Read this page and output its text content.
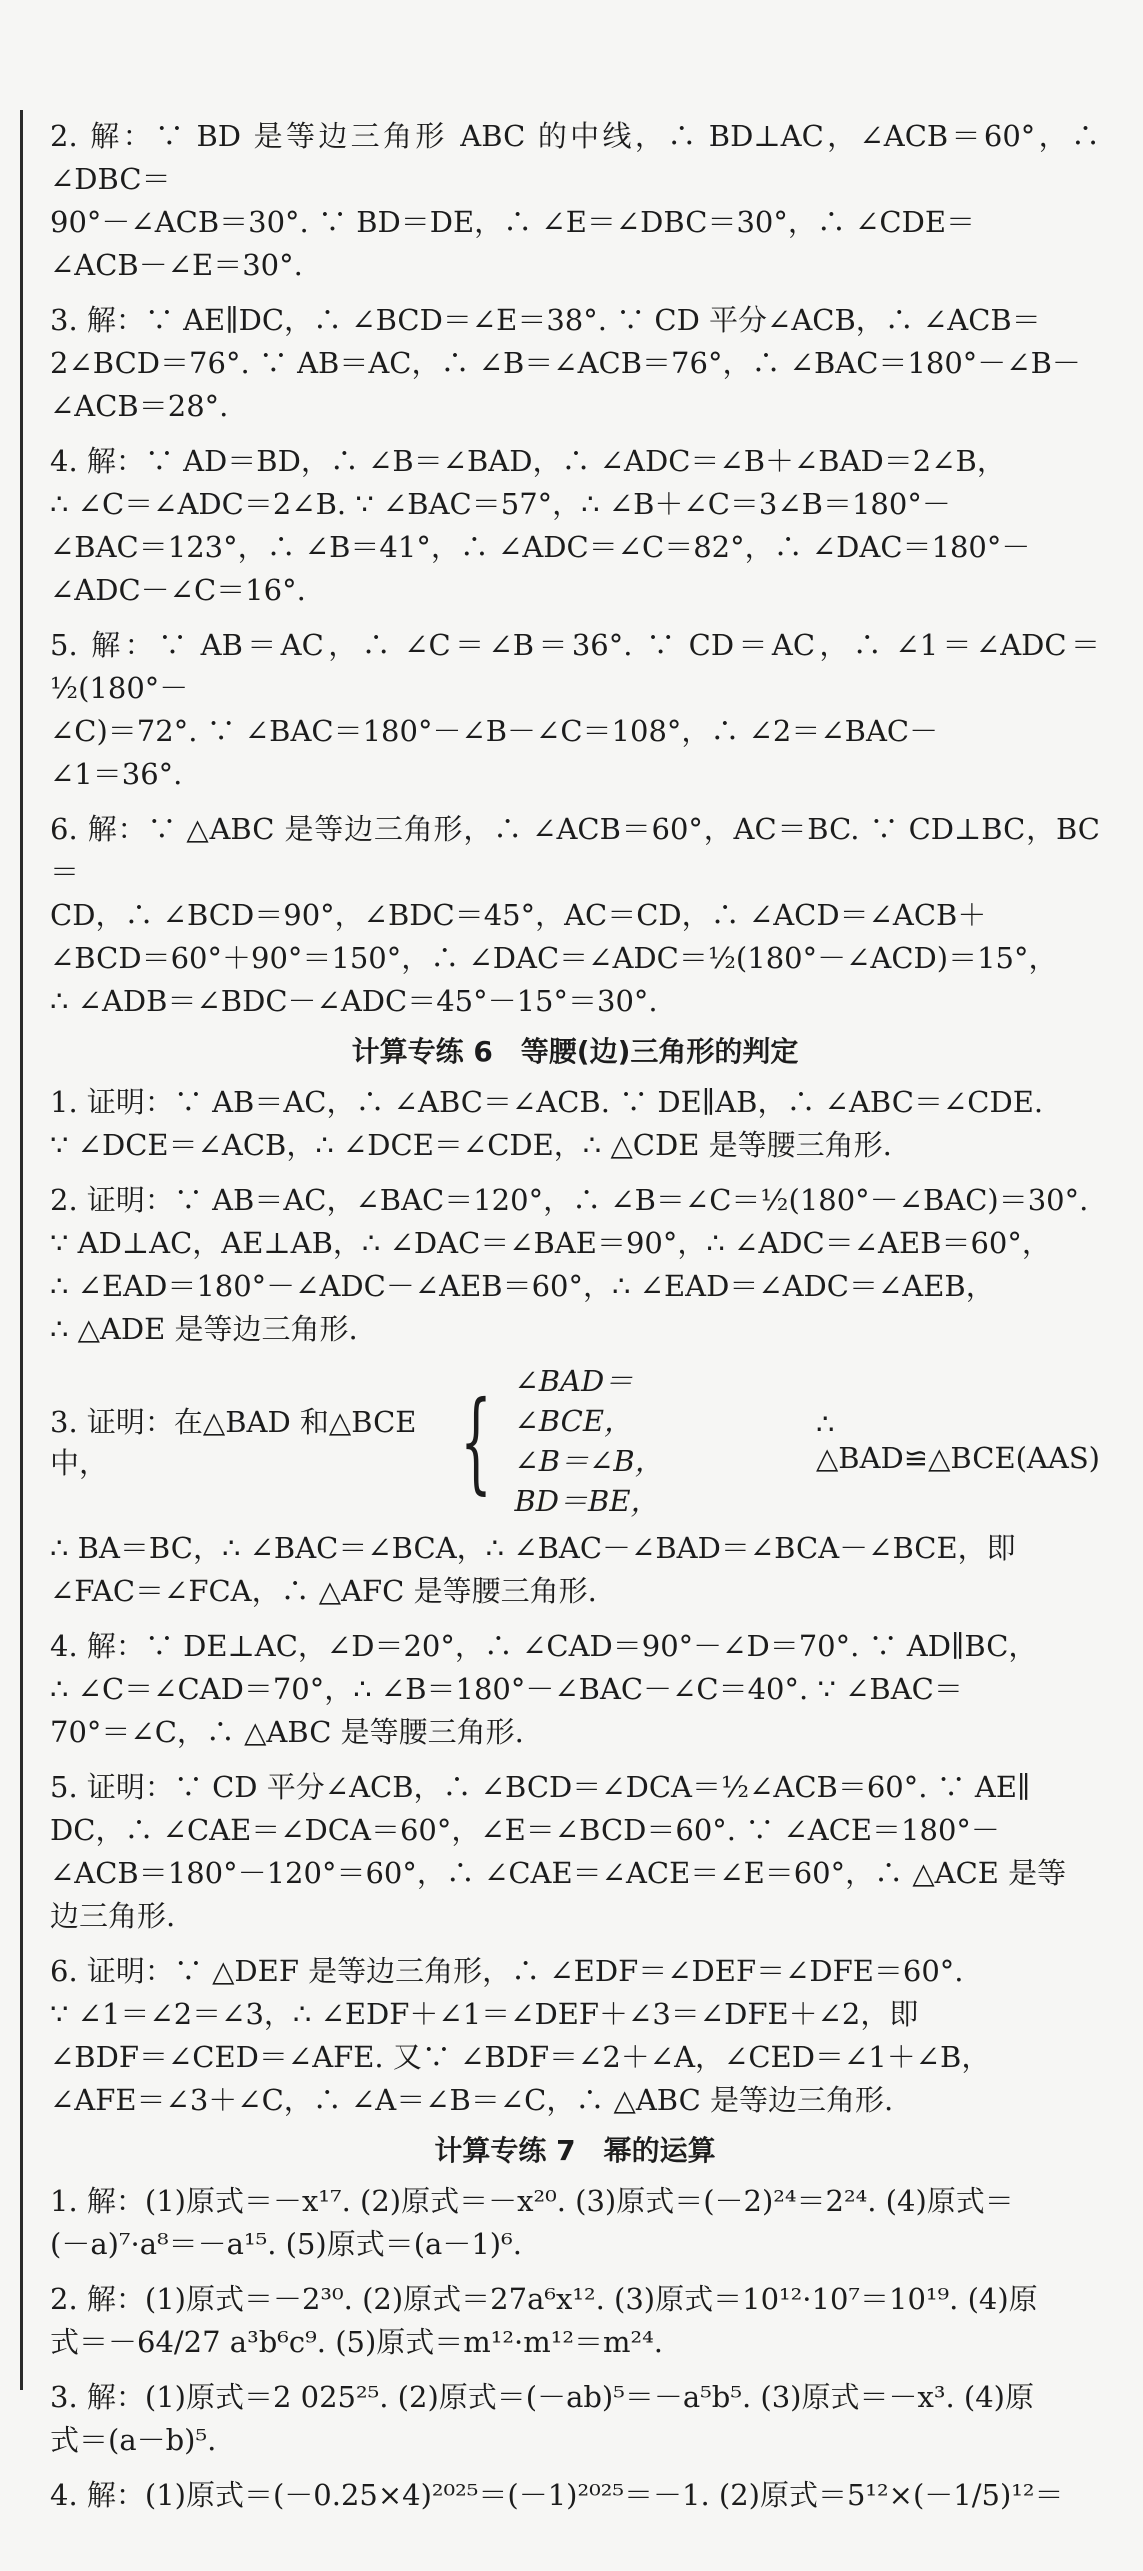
2. 解：∵ BD 是等边三角形 ABC 的中线，∴ BD⊥AC，∠ACB＝60°，∴ ∠DBC＝

90°－∠ACB＝30°. ∵ BD＝DE，∴ ∠E＝∠DBC＝30°，∴ ∠CDE＝

∠ACB－∠E＝30°.

3. 解：∵ AE∥DC，∴ ∠BCD＝∠E＝38°. ∵ CD 平分∠ACB，∴ ∠ACB＝

2∠BCD＝76°. ∵ AB＝AC，∴ ∠B＝∠ACB＝76°，∴ ∠BAC＝180°－∠B－

∠ACB＝28°.

4. 解：∵ AD＝BD，∴ ∠B＝∠BAD，∴ ∠ADC＝∠B＋∠BAD＝2∠B，

∴ ∠C＝∠ADC＝2∠B. ∵ ∠BAC＝57°，∴ ∠B＋∠C＝3∠B＝180°－

∠BAC＝123°，∴ ∠B＝41°，∴ ∠ADC＝∠C＝82°，∴ ∠DAC＝180°－

∠ADC－∠C＝16°.

5. 解：∵ AB＝AC，∴ ∠C＝∠B＝36°. ∵ CD＝AC，∴ ∠1＝∠ADC＝½(180°－

∠C)＝72°. ∵ ∠BAC＝180°－∠B－∠C＝108°，∴ ∠2＝∠BAC－

∠1＝36°.

6. 解：∵ △ABC 是等边三角形，∴ ∠ACB＝60°，AC＝BC. ∵ CD⊥BC，BC＝

CD，∴ ∠BCD＝90°，∠BDC＝45°，AC＝CD，∴ ∠ACD＝∠ACB＋

∠BCD＝60°＋90°＝150°，∴ ∠DAC＝∠ADC＝½(180°－∠ACD)＝15°，

∴ ∠ADB＝∠BDC－∠ADC＝45°－15°＝30°.

计算专练 6　等腰(边)三角形的判定

1. 证明：∵ AB＝AC，∴ ∠ABC＝∠ACB. ∵ DE∥AB，∴ ∠ABC＝∠CDE.

∵ ∠DCE＝∠ACB，∴ ∠DCE＝∠CDE，∴ △CDE 是等腰三角形.

2. 证明：∵ AB＝AC，∠BAC＝120°，∴ ∠B＝∠C＝½(180°－∠BAC)＝30°.

∵ AD⊥AC，AE⊥AB，∴ ∠DAC＝∠BAE＝90°，∴ ∠ADC＝∠AEB＝60°，

∴ ∠EAD＝180°－∠ADC－∠AEB＝60°，∴ ∠EAD＝∠ADC＝∠AEB，

∴ △ADE 是等边三角形.

3. 证明：在△BAD 和△BCE 中，	{ ∠BAD＝∠BCE，
∠B＝∠B，
BD＝BE，
∴ △BAD≌△BCE(AAS)

∴ BA＝BC，∴ ∠BAC＝∠BCA，∴ ∠BAC－∠BAD＝∠BCA－∠BCE，即

∠FAC＝∠FCA，∴ △AFC 是等腰三角形.

4. 解：∵ DE⊥AC，∠D＝20°，∴ ∠CAD＝90°－∠D＝70°. ∵ AD∥BC，

∴ ∠C＝∠CAD＝70°，∴ ∠B＝180°－∠BAC－∠C＝40°. ∵ ∠BAC＝

70°＝∠C，∴ △ABC 是等腰三角形.

5. 证明：∵ CD 平分∠ACB，∴ ∠BCD＝∠DCA＝½∠ACB＝60°. ∵ AE∥

DC，∴ ∠CAE＝∠DCA＝60°，∠E＝∠BCD＝60°. ∵ ∠ACE＝180°－

∠ACB＝180°－120°＝60°，∴ ∠CAE＝∠ACE＝∠E＝60°，∴ △ACE 是等

边三角形.

6. 证明：∵ △DEF 是等边三角形，∴ ∠EDF＝∠DEF＝∠DFE＝60°.

∵ ∠1＝∠2＝∠3，∴ ∠EDF＋∠1＝∠DEF＋∠3＝∠DFE＋∠2，即

∠BDF＝∠CED＝∠AFE. 又∵ ∠BDF＝∠2＋∠A，∠CED＝∠1＋∠B，

∠AFE＝∠3＋∠C，∴ ∠A＝∠B＝∠C，∴ △ABC 是等边三角形.

计算专练 7　幂的运算

1. 解：(1)原式＝－x¹⁷. (2)原式＝－x²⁰. (3)原式＝(－2)²⁴＝2²⁴. (4)原式＝

(－a)⁷·a⁸＝－a¹⁵. (5)原式＝(a－1)⁶.

2. 解：(1)原式＝－2³⁰. (2)原式＝27a⁶x¹². (3)原式＝10¹²·10⁷＝10¹⁹. (4)原

式＝－64/27 a³b⁶c⁹. (5)原式＝m¹²·m¹²＝m²⁴.

3. 解：(1)原式＝2 025²⁵. (2)原式＝(－ab)⁵＝－a⁵b⁵. (3)原式＝－x³. (4)原

式＝(a－b)⁵.

4. 解：(1)原式＝(－0.25×4)²⁰²⁵＝(－1)²⁰²⁵＝－1. (2)原式＝5¹²×(－1/5)¹²＝
